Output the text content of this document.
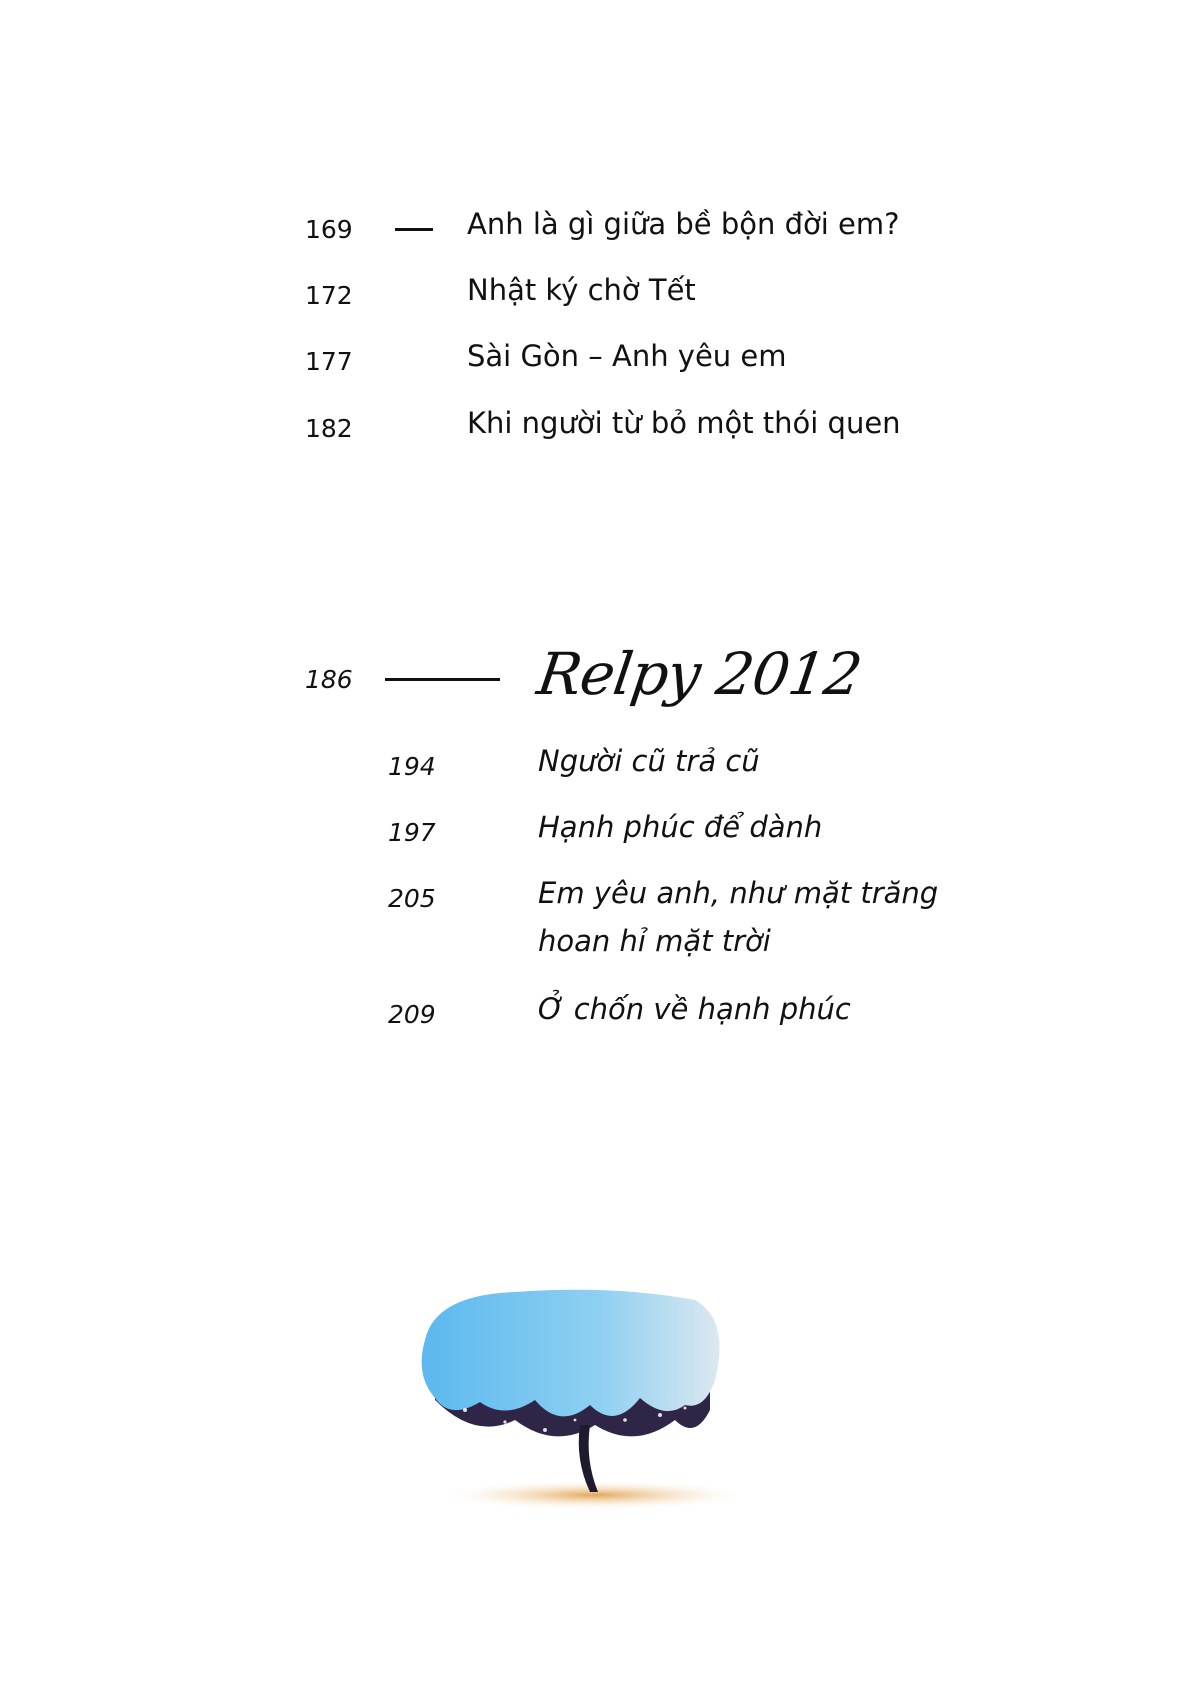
169	Anh là gì giữa bề bộn đời em?
172	Nhật ký chờ Tết
177	Sài Gòn – Anh yêu em
182	Khi người từ bỏ một thói quen
186	Relpy 2012
194	Người cũ trả cũ
197	Hạnh phúc để dành
205	Em yêu anh, như mặt trăng
hoan hỉ mặt trời
209	Ở chốn về hạnh phúc
